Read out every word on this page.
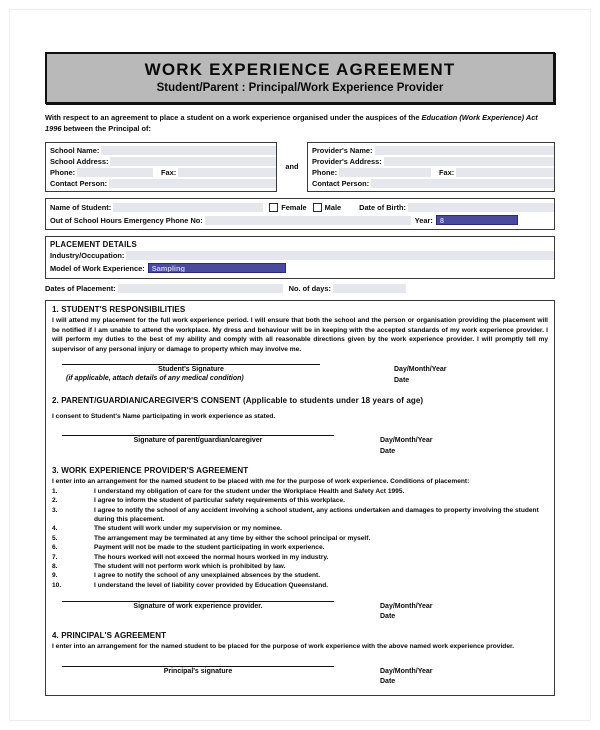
WORK EXPERIENCE AGREEMENT
Student/Parent : Principal/Work Experience Provider
With respect to an agreement to place a student on a work experience organised under the auspices of the Education (Work Experience) Act 1996 between the Principal of:
School Name:
School Address:
Phone:	Fax:
Contact Person:
and
Provider's Name:
Provider's Address:
Phone:	Fax:
Contact Person:
Name of Student:	Female Male Date of Birth:
Out of School Hours Emergency Phone No:	Year: 8
PLACEMENT DETAILS
Industry/Occupation:
Model of Work Experience: Sampling
Dates of Placement:	No. of days:
1. STUDENT'S RESPONSIBILITIES
I will attend my placement for the full work experience period. I will ensure that both the school and the person or organisation providing the placement will be notified if I am unable to attend the workplace. My dress and behaviour will be in keeping with the accepted standards of my work experience provider. I will perform my duties to the best of my ability and comply with all reasonable directions given by the work experience provider. I will promptly tell my supervisor of any personal injury or damage to property which may involve me.
Student's Signature
(if applicable, attach details of any medical condition)
Day/Month/Year
Date
2. PARENT/GUARDIAN/CAREGIVER'S CONSENT (Applicable to students under 18 years of age)
I consent to Student's Name participating in work experience as stated.
Signature of parent/guardian/caregiver	Day/Month/Year
Date
3. WORK EXPERIENCE PROVIDER'S AGREEMENT
I enter into an arrangement for the named student to be placed with me for the purpose of work experience. Conditions of placement:
1.	I understand my obligation of care for the student under the Workplace Health and Safety Act 1995.
2.	I agree to inform the student of particular safety requirements of this workplace.
3.	I agree to notify the school of any accident involving a school student, any actions undertaken and damages to property involving the student during this placement.
4.	The student will work under my supervision or my nominee.
5.	The arrangement may be terminated at any time by either the school principal or myself.
6.	Payment will not be made to the student participating in work experience.
7.	The hours worked will not exceed the normal hours worked in my industry.
8.	The student will not perform work which is prohibited by law.
9.	I agree to notify the school of any unexplained absences by the student.
10.	I understand the level of liability cover provided by Education Queensland.
Signature of work experience provider.	Day/Month/Year
Date
4. PRINCIPAL'S AGREEMENT
I enter into an arrangement for the named student to be placed for the purpose of work experience with the above named work experience provider.
Principal's signature	Day/Month/Year
Date
